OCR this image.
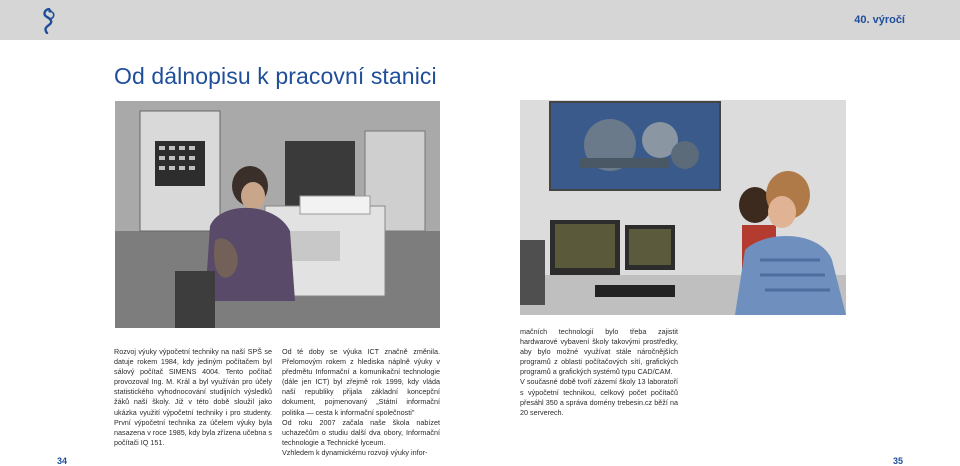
40. výročí
Od dálnopisu k pracovní stanici

Rozvoj výuky výpočetní techniky na naší SPŠ se datuje rokem 1984, kdy jediným počítačem byl sálový počítač SIMENS 4004. Tento počítač provozoval Ing. M. Král a byl využíván pro účely statistického vyhodnocování studijních výsledků žáků naší školy. Již v této době sloužil jako ukázka využití výpočetní techniky i pro studenty. První výpočetní technika za účelem výuky byla nasazena v roce 1985, kdy byla zřízena učebna s počítači IQ 151.

Od té doby se výuka ICT značně změnila. Přelomovým rokem z hlediska náplně výuky v předmětu Informační a komunikační technologie (dále jen ICT) byl zřejmě rok 1999, kdy vláda naší republiky přijala základní koncepční dokument, pojmenovaný „Státní informační politika — cesta k informační společnosti"

Od roku 2007 začala naše škola nabízet uchazečům o studiu další dva obory, Informační technologie a Technické lyceum.

Vzhledem k dynamickému rozvoji výuky infor-

mačních technologií bylo třeba zajistit hardwarové vybavení školy takovými prostředky, aby bylo možné využívat stále náročnějších programů z oblasti počítačových sítí, grafických programů a grafických systémů typu CAD/CAM.

V současné době tvoří zázemí školy 13 laboratoří s výpočetní technikou, celkový počet počítačů přesáhl 350 a správa domény trebesin.cz běží na 20 serverech.

34	35
